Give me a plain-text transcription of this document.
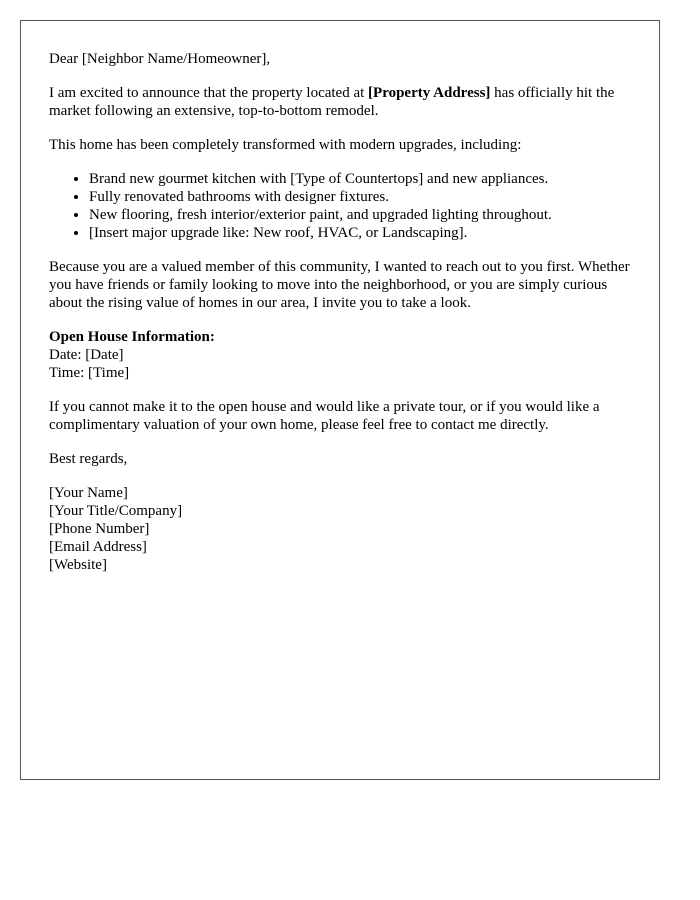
Dear [Neighbor Name/Homeowner],

I am excited to announce that the property located at [Property Address] has officially hit the market following an extensive, top-to-bottom remodel.

This home has been completely transformed with modern upgrades, including:

• Brand new gourmet kitchen with [Type of Countertops] and new appliances.
• Fully renovated bathrooms with designer fixtures.
• New flooring, fresh interior/exterior paint, and upgraded lighting throughout.
• [Insert major upgrade like: New roof, HVAC, or Landscaping].

Because you are a valued member of this community, I wanted to reach out to you first. Whether you have friends or family looking to move into the neighborhood, or you are simply curious about the rising value of homes in our area, I invite you to take a look.

Open House Information:
Date: [Date]
Time: [Time]

If you cannot make it to the open house and would like a private tour, or if you would like a complimentary valuation of your own home, please feel free to contact me directly.

Best regards,

[Your Name]
[Your Title/Company]
[Phone Number]
[Email Address]
[Website]
